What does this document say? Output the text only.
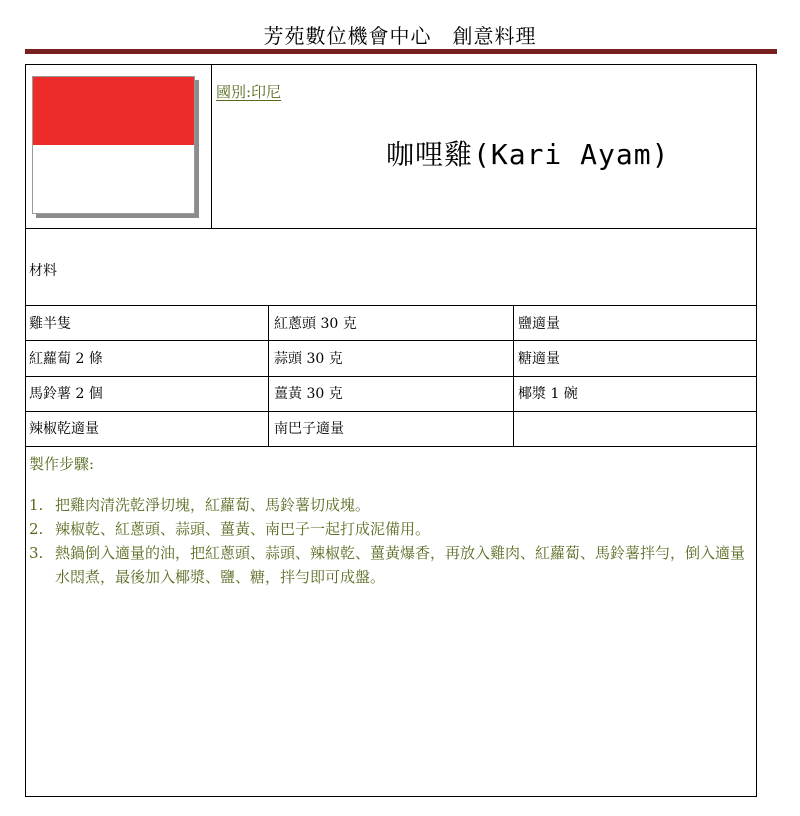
芳苑數位機會中心　創意料理
國別:印尼
咖哩雞(Kari Ayam)
材料
雞半隻	紅蔥頭 30 克	鹽適量
紅蘿蔔 2 條	蒜頭 30 克	糖適量
馬鈴薯 2 個	薑黃 30 克	椰漿 1 碗
辣椒乾適量	南巴子適量
製作步驟:
1. 把雞肉清洗乾淨切塊，紅蘿蔔、馬鈴薯切成塊。
2. 辣椒乾、紅蔥頭、蒜頭、薑黃、南巴子一起打成泥備用。
3. 熱鍋倒入適量的油，把紅蔥頭、蒜頭、辣椒乾、薑黃爆香，再放入雞肉、紅蘿蔔、馬鈴薯拌勻，倒入適量水悶煮，最後加入椰漿、鹽、糖，拌勻即可成盤。
